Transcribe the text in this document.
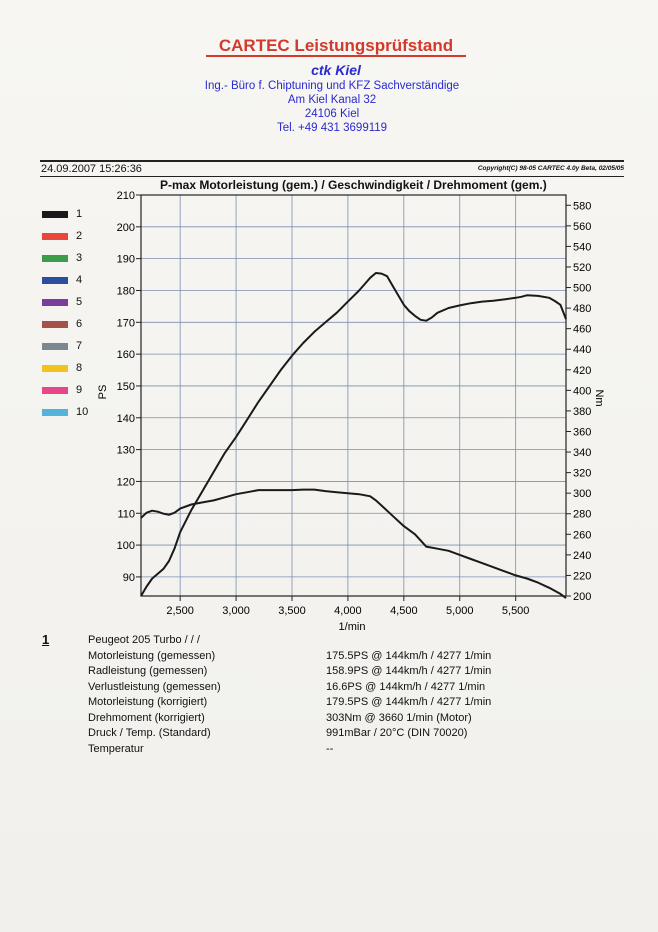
CARTEC Leistungsprüfstand
ctk Kiel
Ing.- Büro f. Chiptuning und KFZ Sachverständige
Am Kiel Kanal 32
24106 Kiel
Tel. +49 431 3699119
24.09.2007 15:26:36	Copyright(C) 98-05 CARTEC 4.0y Beta, 02/05/05
P-max Motorleistung (gem.) / Geschwindigkeit / Drehmoment (gem.)
90
100
110
120
130
140
150
160
170
180
190
200
210
200
220
240
260
280
300
320
340
360
380
400
420
440
460
480
500
520
540
560
580
2,500	3,000	3,500	4,000	4,500	5,000	5,500
PS	Nm
1/min
1
2
3
4
5
6
7
8
9
10
1	Peugeot 205 Turbo / / /
Motorleistung (gemessen)	175.5PS @ 144km/h / 4277 1/min
Radleistung (gemessen)	158.9PS @ 144km/h / 4277 1/min
Verlustleistung (gemessen)	16.6PS @ 144km/h / 4277 1/min
Motorleistung (korrigiert)	179.5PS @ 144km/h / 4277 1/min
Drehmoment (korrigiert)	303Nm @ 3660 1/min (Motor)
Druck / Temp. (Standard)	991mBar / 20°C (DIN 70020)
Temperatur	--
